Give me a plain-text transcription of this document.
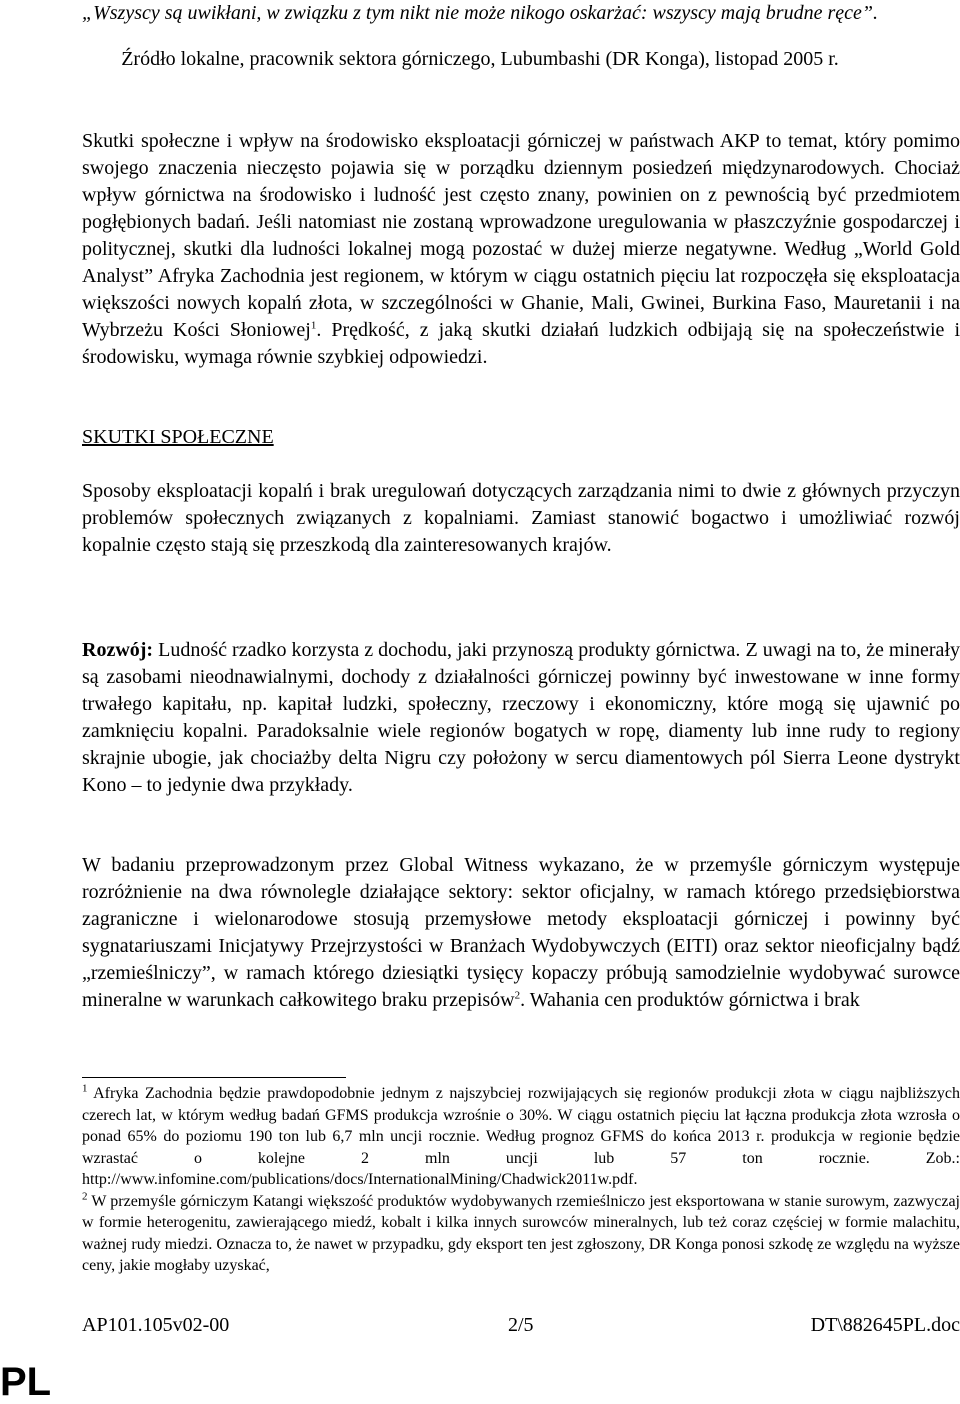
„Wszyscy są uwikłani, w związku z tym nikt nie może nikogo oskarżać: wszyscy mają brudne ręce”.
Źródło lokalne, pracownik sektora górniczego, Lubumbashi (DR Konga), listopad 2005 r.

Skutki społeczne i wpływ na środowisko eksploatacji górniczej w państwach AKP to temat, który pomimo swojego znaczenia nieczęsto pojawia się w porządku dziennym posiedzeń międzynarodowych. Chociaż wpływ górnictwa na środowisko i ludność jest często znany, powinien on z pewnością być przedmiotem pogłębionych badań. Jeśli natomiast nie zostaną wprowadzone uregulowania w płaszczyźnie gospodarczej i politycznej, skutki dla ludności lokalnej mogą pozostać w dużej mierze negatywne. Według „World Gold Analyst” Afryka Zachodnia jest regionem, w którym w ciągu ostatnich pięciu lat rozpoczęła się eksploatacja większości nowych kopalń złota, w szczególności w Ghanie, Mali, Gwinei, Burkina Faso, Mauretanii i na Wybrzeżu Kości Słoniowej$^1$. Prędkość, z jaką skutki działań ludzkich odbijają się na społeczeństwie i środowisku, wymaga równie szybkiej odpowiedzi.

SKUTKI SPOŁECZNE

Sposoby eksploatacji kopalń i brak uregulowań dotyczących zarządzania nimi to dwie z głównych przyczyn problemów społecznych związanych z kopalniami. Zamiast stanowić bogactwo i umożliwiać rozwój kopalnie często stają się przeszkodą dla zainteresowanych krajów.

Rozwój: Ludność rzadko korzysta z dochodu, jaki przynoszą produkty górnictwa. Z uwagi na to, że minerały są zasobami nieodnawialnymi, dochody z działalności górniczej powinny być inwestowane w inne formy trwałego kapitału, np. kapitał ludzki, społeczny, rzeczowy i ekonomiczny, które mogą się ujawnić po zamknięciu kopalni. Paradoksalnie wiele regionów bogatych w ropę, diamenty lub inne rudy to regiony skrajnie ubogie, jak chociażby delta Nigru czy położony w sercu diamentowych pól Sierra Leone dystrykt Kono – to jedynie dwa przykłady.

W badaniu przeprowadzonym przez Global Witness wykazano, że w przemyśle górniczym występuje rozróżnienie na dwa równolegle działające sektory: sektor oficjalny, w ramach którego przedsiębiorstwa zagraniczne i wielonarodowe stosują przemysłowe metody eksploatacji górniczej i powinny być sygnatariuszami Inicjatywy Przejrzystości w Branżach Wydobywczych (EITI) oraz sektor nieoficjalny bądź „rzemieślniczy”, w ramach którego dziesiątki tysięcy kopaczy próbują samodzielnie wydobywać surowce mineralne w warunkach całkowitego braku przepisów$^2$. Wahania cen produktów górnictwa i brak

$^1$ Afryka Zachodnia będzie prawdopodobnie jednym z najszybciej rozwijających się regionów produkcji złota w ciągu najbliższych czerech lat, w którym według badań GFMS produkcja wzrośnie o 30%. W ciągu ostatnich pięciu lat łączna produkcja złota wzrosła o ponad 65% do poziomu 190 ton lub 6,7 mln uncji rocznie. Według prognoz GFMS do końca 2013 r. produkcja w regionie będzie wzrastać o kolejne 2 mln uncji lub 57 ton rocznie. Zob.: http://www.infomine.com/publications/docs/InternationalMining/Chadwick2011w.pdf.

$^2$ W przemyśle górniczym Katangi większość produktów wydobywanych rzemieślniczo jest eksportowana w stanie surowym, zazwyczaj w formie heterogenitu, zawierającego miedź, kobalt i kilka innych surowców mineralnych, lub też coraz częściej w formie malachitu, ważnej rudy miedzi. Oznacza to, że nawet w przypadku, gdy eksport ten jest zgłoszony, DR Konga ponosi szkodę ze względu na wyższe ceny, jakie mogłaby uzyskać,

AP101.105v02-00	2/5	DT\882645PL.doc
PL
